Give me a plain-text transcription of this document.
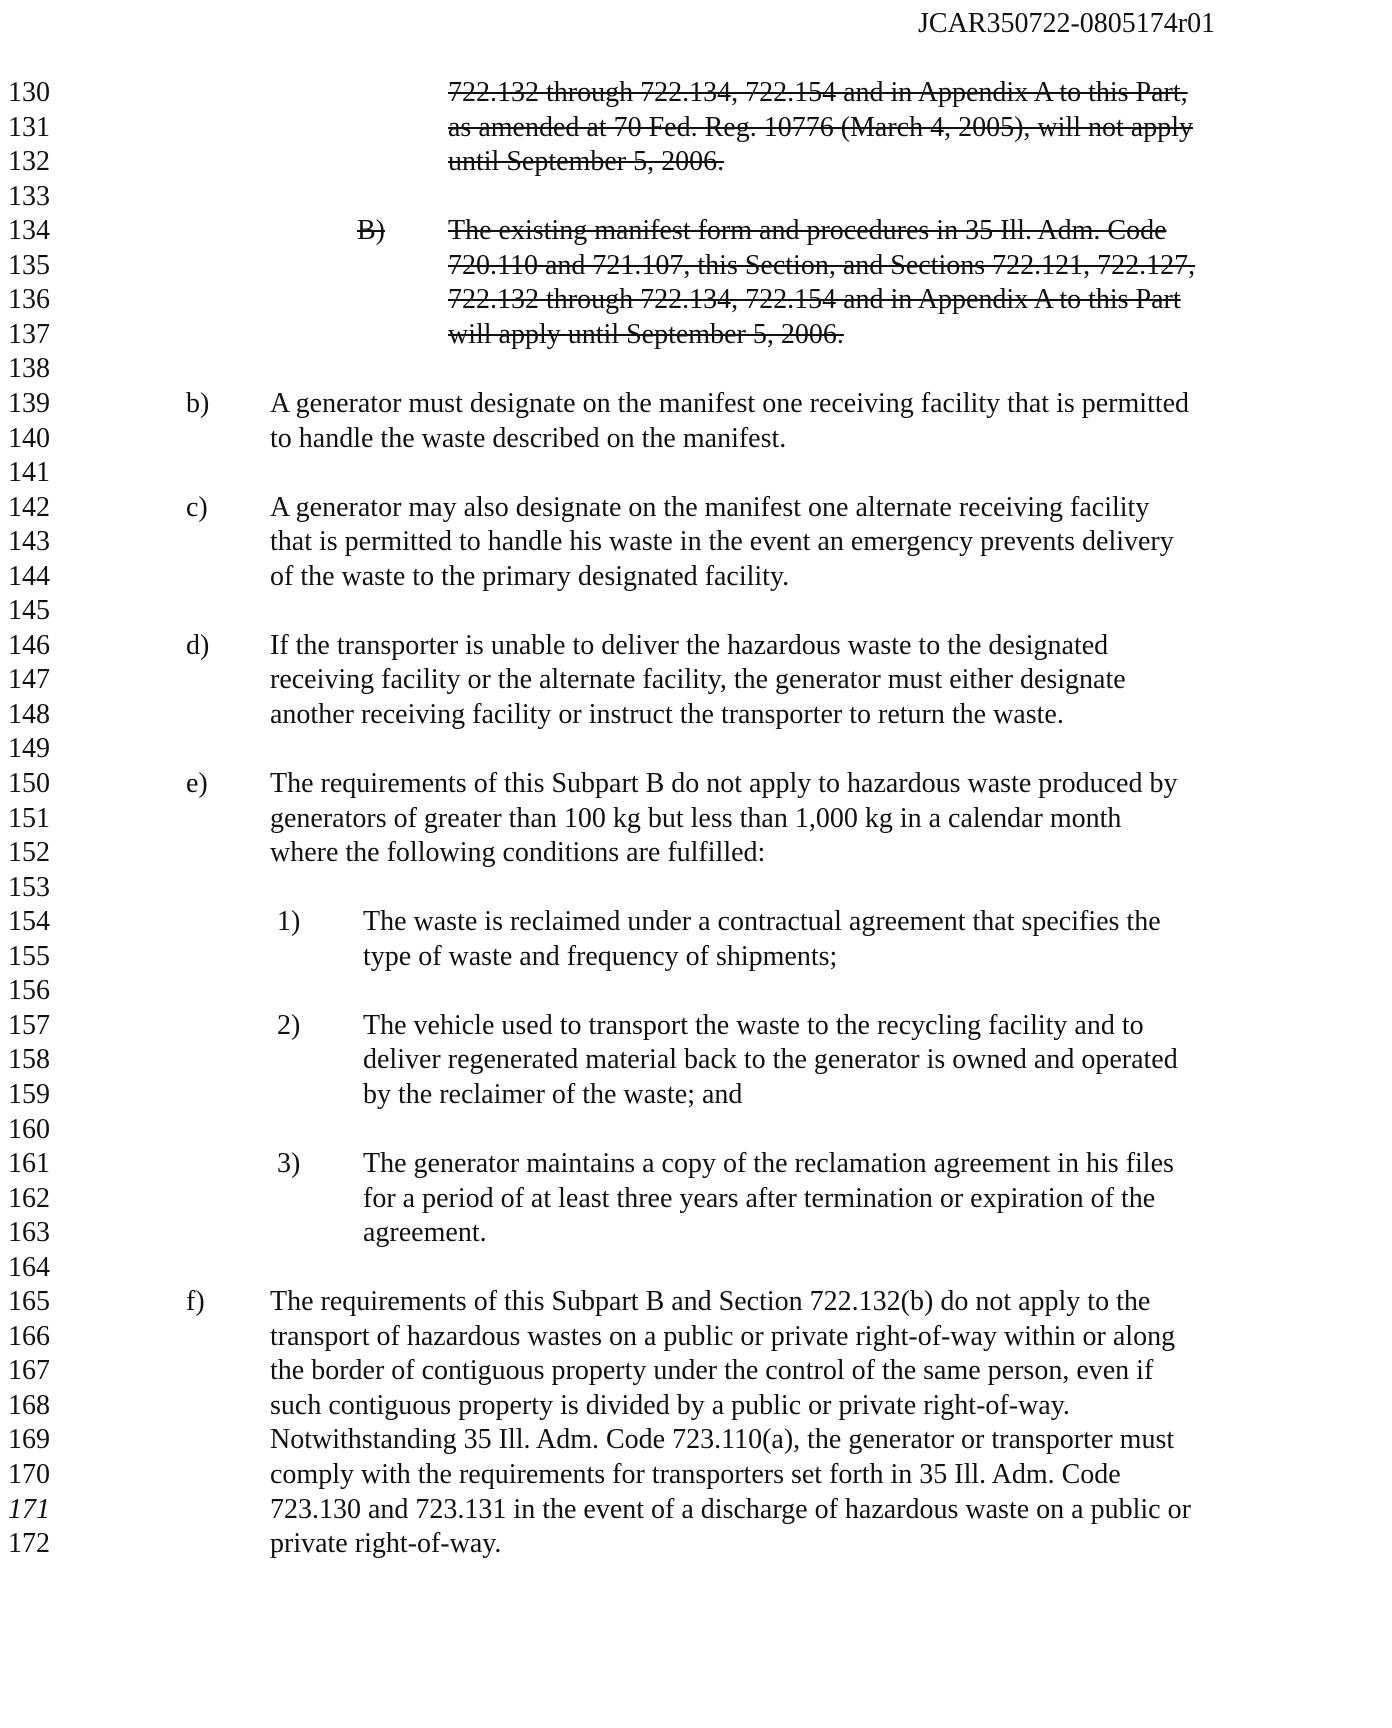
JCAR350722-0805174r01
130	722.132 through 722.134, 722.154 and in Appendix A to this Part,
131	as amended at 70 Fed. Reg. 10776 (March 4, 2005), will not apply
132	until September 5, 2006.
133
134	B) The existing manifest form and procedures in 35 Ill. Adm. Code
135	720.110 and 721.107, this Section, and Sections 722.121, 722.127,
136	722.132 through 722.134, 722.154 and in Appendix A to this Part
137	will apply until September 5, 2006.
138
139	b) A generator must designate on the manifest one receiving facility that is permitted
140	to handle the waste described on the manifest.
141
142	c) A generator may also designate on the manifest one alternate receiving facility
143	that is permitted to handle his waste in the event an emergency prevents delivery
144	of the waste to the primary designated facility.
145
146	d) If the transporter is unable to deliver the hazardous waste to the designated
147	receiving facility or the alternate facility, the generator must either designate
148	another receiving facility or instruct the transporter to return the waste.
149
150	e) The requirements of this Subpart B do not apply to hazardous waste produced by
151	generators of greater than 100 kg but less than 1,000 kg in a calendar month
152	where the following conditions are fulfilled:
153
154	1) The waste is reclaimed under a contractual agreement that specifies the
155	type of waste and frequency of shipments;
156
157	2) The vehicle used to transport the waste to the recycling facility and to
158	deliver regenerated material back to the generator is owned and operated
159	by the reclaimer of the waste; and
160
161	3) The generator maintains a copy of the reclamation agreement in his files
162	for a period of at least three years after termination or expiration of the
163	agreement.
164
165	f) The requirements of this Subpart B and Section 722.132(b) do not apply to the
166	transport of hazardous wastes on a public or private right-of-way within or along
167	the border of contiguous property under the control of the same person, even if
168	such contiguous property is divided by a public or private right-of-way.
169	Notwithstanding 35 Ill. Adm. Code 723.110(a), the generator or transporter must
170	comply with the requirements for transporters set forth in 35 Ill. Adm. Code
171	723.130 and 723.131 in the event of a discharge of hazardous waste on a public or
172	private right-of-way.
